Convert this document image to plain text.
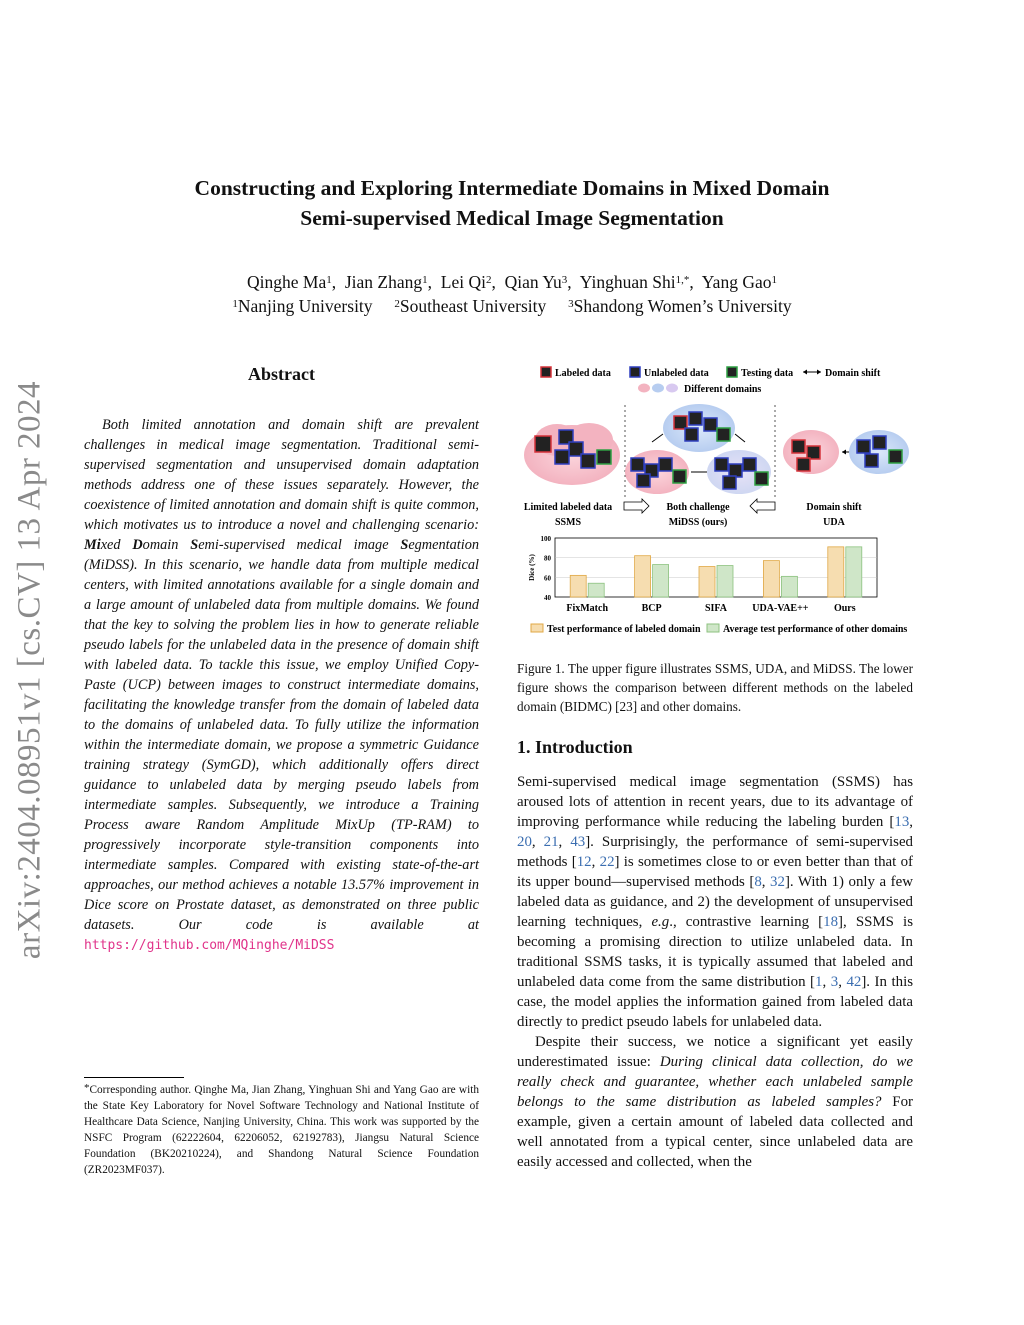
arXiv:2404.08951v1 [cs.CV] 13 Apr 2024
Constructing and Exploring Intermediate Domains in Mixed Domain
Semi-supervised Medical Image Segmentation
Qinghe Ma$^1$,  Jian Zhang$^1$,  Lei Qi$^2$,  Qian Yu$^3$,  Yinghuan Shi$^{1,*}$,  Yang Gao$^1$
$^1$Nanjing University $^2$Southeast University $^3$Shandong Women’s University
Abstract
Both limited annotation and domain shift are prevalent challenges in medical image segmentation. Traditional semi-supervised segmentation and unsupervised domain adaptation methods address one of these issues separately. However, the coexistence of limited annotation and domain shift is quite common, which motivates us to introduce a novel and challenging scenario: Mixed Domain Semi-supervised medical image Segmentation (MiDSS). In this scenario, we handle data from multiple medical centers, with limited annotations available for a single domain and a large amount of unlabeled data from multiple domains. We found that the key to solving the problem lies in how to generate reliable pseudo labels for the unlabeled data in the presence of domain shift with labeled data. To tackle this issue, we employ Unified Copy-Paste (UCP) between images to construct intermediate domains, facilitating the knowledge transfer from the domain of labeled data to the domains of unlabeled data. To fully utilize the information within the intermediate domain, we propose a symmetric Guidance training strategy (SymGD), which additionally offers direct guidance to unlabeled data by merging pseudo labels from intermediate samples. Subsequently, we introduce a Training Process aware Random Amplitude MixUp (TP-RAM) to progressively incorporate style-transition components into intermediate samples. Compared with existing state-of-the-art approaches, our method achieves a notable 13.57% improvement in Dice score on Prostate dataset, as demonstrated on three public datasets. Our code is available at https://github.com/MQinghe/MiDSS
*Corresponding author. Qinghe Ma, Jian Zhang, Yinghuan Shi and Yang Gao are with the State Key Laboratory for Novel Software Technology and National Institute of Healthcare Data Science, Nanjing University, China. This work was supported by the NSFC Program (62222604, 62206052, 62192783), Jiangsu Natural Science Foundation (BK20210224), and Shandong Natural Science Foundation (ZR2023MF037).
Labeled data	Unlabeled data	Testing data	Domain shift
Different domains
Limited labeled data
SSMS
Both challenge
MiDSS (ours)
Domain shift
UDA
40
60
80
100
Dice (%)
FixMatch	BCP	SIFA	UDA-VAE++	Ours
Test performance of labeled domain Average test performance of other domains
Figure 1. The upper figure illustrates SSMS, UDA, and MiDSS. The lower figure shows the comparison between different methods on the labeled domain (BIDMC) [23] and other domains.
1. Introduction

Semi-supervised medical image segmentation (SSMS) has aroused lots of attention in recent years, due to its advantage of improving performance while reducing the labeling burden [13, 20, 21, 43]. Surprisingly, the performance of semi-supervised methods [12, 22] is sometimes close to or even better than that of its upper bound—supervised methods [8, 32]. With 1) only a few labeled data as guidance, and 2) the development of unsupervised learning techniques, e.g., contrastive learning [18], SSMS is becoming a promising direction to utilize unlabeled data. In traditional SSMS tasks, it is typically assumed that labeled and unlabeled data come from the same distribution [1, 3, 42]. In this case, the model applies the information gained from labeled data directly to predict pseudo labels for unlabeled data.

Despite their success, we notice a significant yet easily underestimated issue: During clinical data collection, do we really check and guarantee, whether each unlabeled sample belongs to the same distribution as labeled samples? For example, given a certain amount of labeled data collected and well annotated from a typical center, since unlabeled data are easily accessed and collected, when the
